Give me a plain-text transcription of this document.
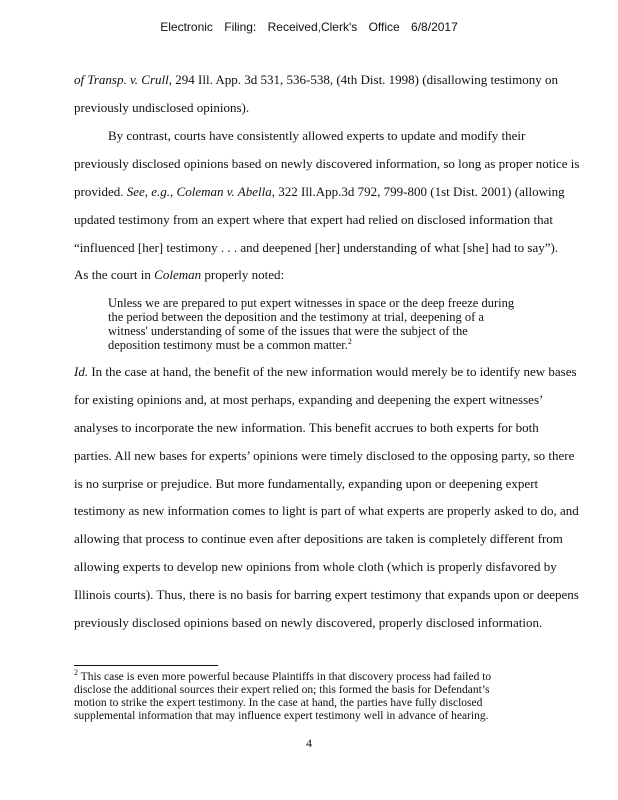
Electronic Filing: Received,Clerk's Office 6/8/2017
of Transp. v. Crull, 294 Ill. App. 3d 531, 536-538, (4th Dist. 1998) (disallowing testimony on
previously undisclosed opinions).
By contrast, courts have consistently allowed experts to update and modify their
previously disclosed opinions based on newly discovered information, so long as proper notice is
provided. See, e.g., Coleman v. Abella, 322 Ill.App.3d 792, 799-800 (1st Dist. 2001) (allowing
updated testimony from an expert where that expert had relied on disclosed information that
“influenced [her] testimony . . . and deepened [her] understanding of what [she] had to say”).
As the court in Coleman properly noted:
Unless we are prepared to put expert witnesses in space or the deep freeze during
the period between the deposition and the testimony at trial, deepening of a
witness' understanding of some of the issues that were the subject of the
deposition testimony must be a common matter.$^2$
Id. In the case at hand, the benefit of the new information would merely be to identify new bases
for existing opinions and, at most perhaps, expanding and deepening the expert witnesses’
analyses to incorporate the new information. This benefit accrues to both experts for both
parties. All new bases for experts’ opinions were timely disclosed to the opposing party, so there
is no surprise or prejudice. But more fundamentally, expanding upon or deepening expert
testimony as new information comes to light is part of what experts are properly asked to do, and
allowing that process to continue even after depositions are taken is completely different from
allowing experts to develop new opinions from whole cloth (which is properly disfavored by
Illinois courts). Thus, there is no basis for barring expert testimony that expands upon or deepens
previously disclosed opinions based on newly discovered, properly disclosed information.
$^2$ This case is even more powerful because Plaintiffs in that discovery process had failed to
disclose the additional sources their expert relied on; this formed the basis for Defendant’s
motion to strike the expert testimony. In the case at hand, the parties have fully disclosed
supplemental information that may influence expert testimony well in advance of hearing.
4
